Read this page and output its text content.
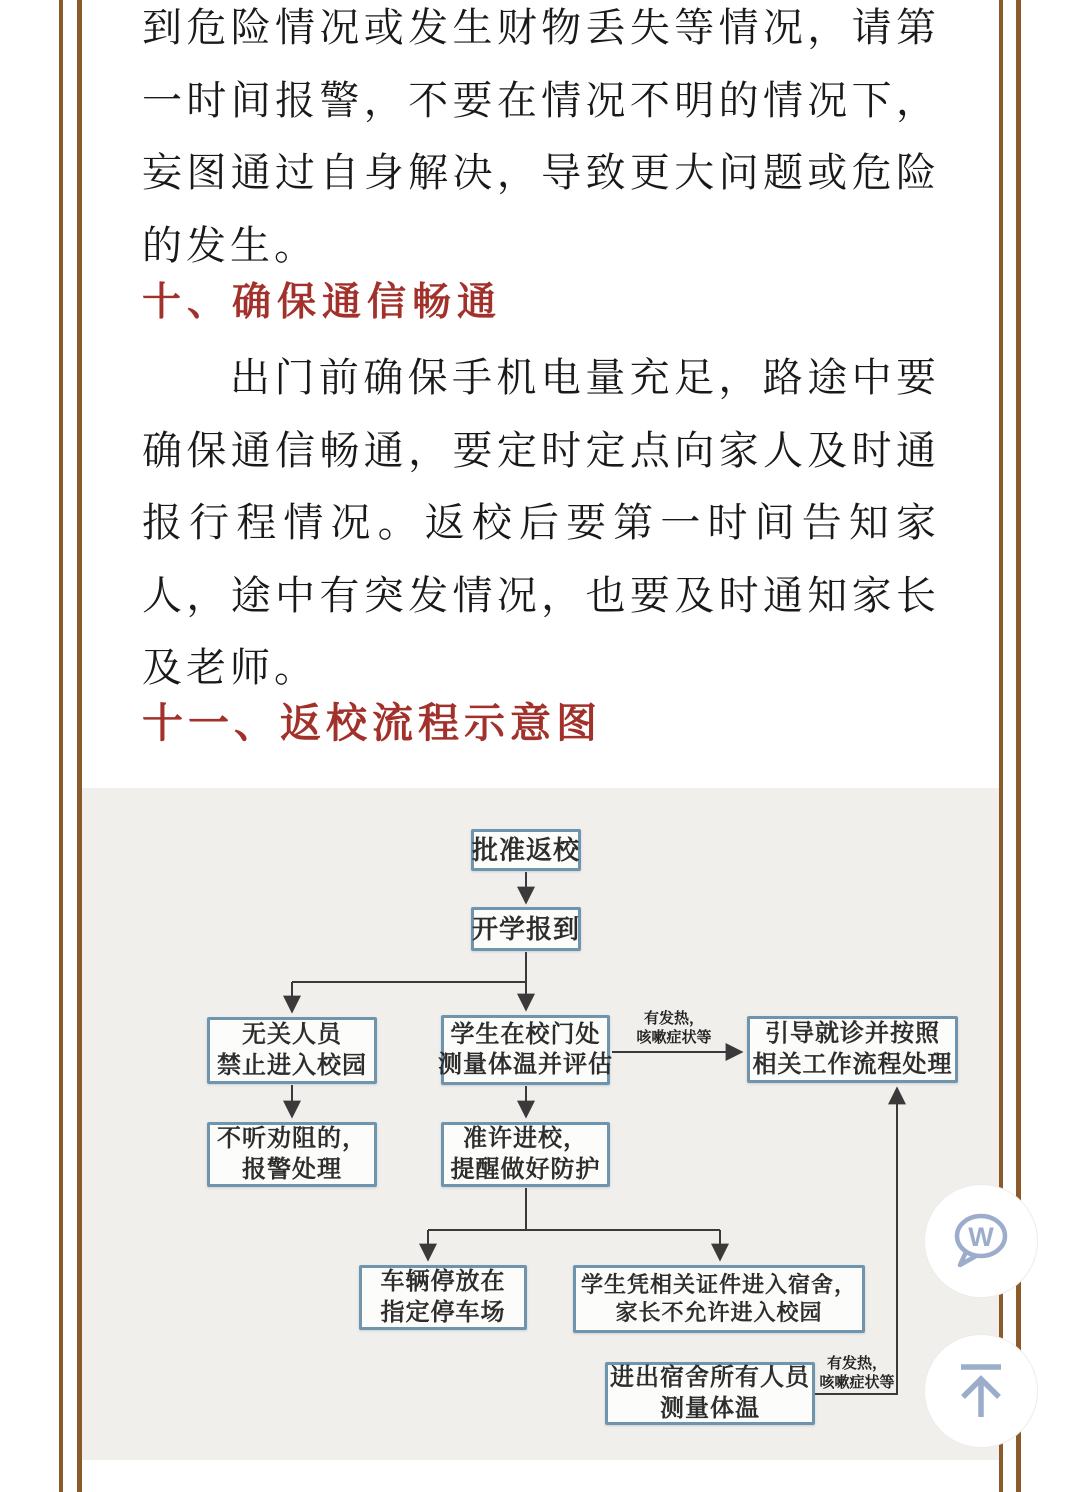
到危险情况或发生财物丢失等情况，请第
一时间报警，不要在情况不明的情况下，
妄图通过自身解决，导致更大问题或危险
的发生。
十、确保通信畅通
出门前确保手机电量充足，路途中要
确保通信畅通，要定时定点向家人及时通
报行程情况。返校后要第一时间告知家
人，途中有突发情况，也要及时通知家长
及老师。
十一、返校流程示意图
批准返校
开学报到
无关人员
禁止进入校园
学生在校门处
测量体温并评估
引导就诊并按照
相关工作流程处理
不听劝阻的，
报警处理
准许进校，
提醒做好防护
车辆停放在
指定停车场
学生凭相关证件进入宿舍，
家长不允许进入校园
进出宿舍所有人员
测量体温
有发热，
咳嗽症状等
有发热，
咳嗽症状等
W
